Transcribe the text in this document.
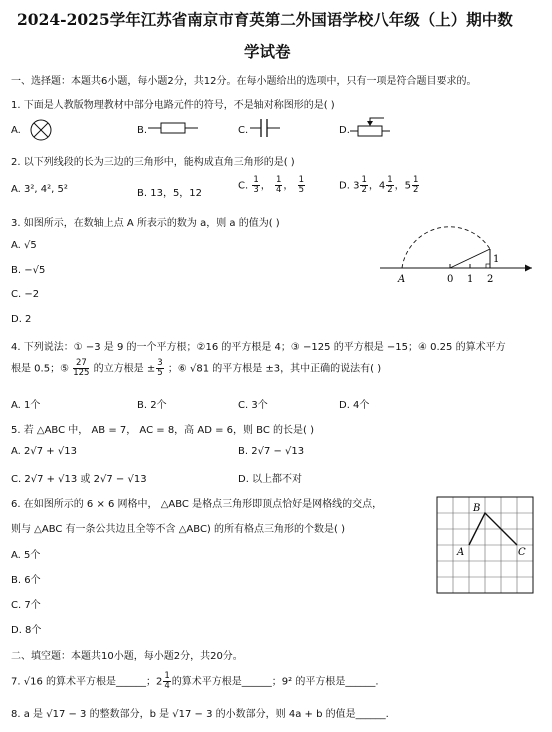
2024-2025学年江苏省南京市育英第二外国语学校八年级（上）期中数
学试卷
一、选择题：本题共6小题，每小题2分，共12分。在每小题给出的选项中，只有一项是符合题目要求的。
1. 下面是人教版物理教材中部分电路元件的符号，不是轴对称图形的是( )
A.	B.	C.	D.
2. 以下列线段的长为三边的三角形中，能构成直角三角形的是( )
A. 3², 4², 5²	B. 13，5，12
C. $\frac{1}{3}$ ， $\frac{1}{4}$ ， $\frac{1}{5}$	D. $3 \frac{1}{2}$ ，$4 \frac{1}{2}$ ，$5 \frac{1}{2}$
3. 如图所示，在数轴上点 A 所表示的数为 a，则 a 的值为( )
A. √5
B. −√5
C. −2
D. 2
A	0 1 2
1
4. 下列说法：① −3 是 9 的一个平方根；②16 的平方根是 4；③ −125 的平方根是 −15；④ 0.25 的算术平方
根是 0.5；⑤ $\frac{27}{125}$ 的立方根是 ± $\frac{3}{5}$ ；⑥ √81 的平方根是 ±3，其中正确的说法有( )
A. 1个	B. 2个	C. 3个	D. 4个
5. 若 △ABC 中， AB = 7， AC = 8，高 AD = 6，则 BC 的长是( )
A. 2√7 + √13	B. 2√7 − √13
C. 2√7 + √13 或 2√7 − √13	D. 以上都不对
6. 在如图所示的 6 × 6 网格中， △ABC 是格点三角形即顶点恰好是网格线的交点，
则与 △ABC 有一条公共边且全等不含 △ABC) 的所有格点三角形的个数是( )
A. 5个
B. 6个
C. 7个
D. 8个
B
A	C
二、填空题：本题共10小题，每小题2分，共20分。
7. √16 的算术平方根是______；$2 \frac{1}{4}$ 的算术平方根是______；9² 的平方根是______.
8. a 是 √17 − 3 的整数部分，b 是 √17 − 3 的小数部分，则 4a + b 的值是______.
